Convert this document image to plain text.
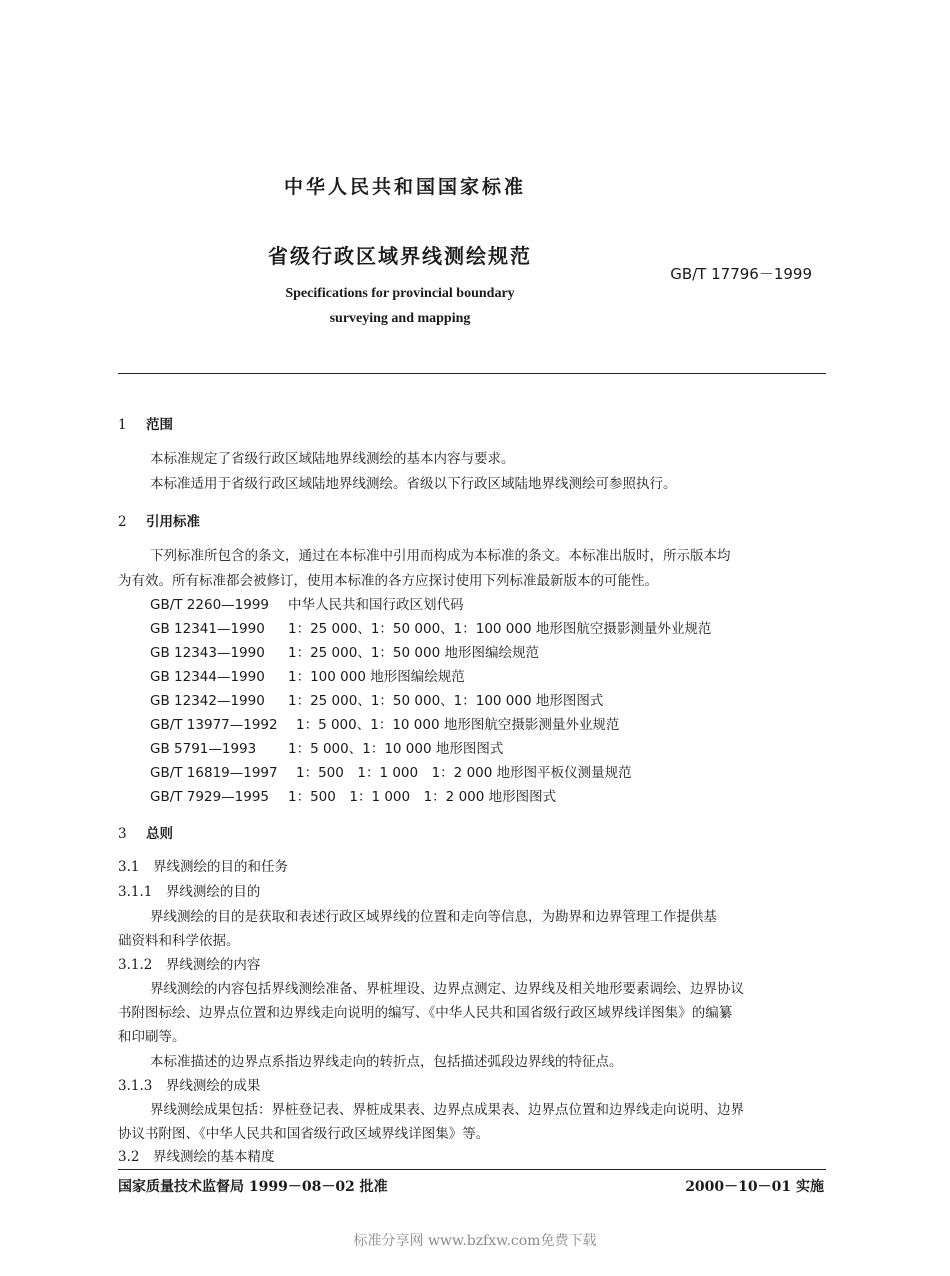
中华人民共和国国家标准
省级行政区域界线测绘规范
GB/T 17796－1999
Specifications for provincial boundary
surveying and mapping
1 范围
本标准规定了省级行政区域陆地界线测绘的基本内容与要求。
本标准适用于省级行政区域陆地界线测绘。省级以下行政区域陆地界线测绘可参照执行。
2 引用标准
下列标准所包含的条文，通过在本标准中引用而构成为本标准的条文。本标准出版时，所示版本均
为有效。所有标准都会被修订，使用本标准的各方应探讨使用下列标准最新版本的可能性。
GB/T 2260—1999 中华人民共和国行政区划代码
GB 12341—1990 1：25 000、1：50 000、1：100 000 地形图航空摄影测量外业规范
GB 12343—1990 1：25 000、1：50 000 地形图编绘规范
GB 12344—1990 1：100 000 地形图编绘规范
GB 12342—1990 1：25 000、1：50 000、1：100 000 地形图图式
GB/T 13977—1992 1：5 000、1：10 000 地形图航空摄影测量外业规范
GB 5791—1993 1：5 000、1：10 000 地形图图式
GB/T 16819—1997 1：500　1：1 000　1：2 000 地形图平板仪测量规范
GB/T 7929—1995 1：500　1：1 000　1：2 000 地形图图式
3 总则
3.1　界线测绘的目的和任务
3.1.1　界线测绘的目的
界线测绘的目的是获取和表述行政区域界线的位置和走向等信息，为勘界和边界管理工作提供基
础资料和科学依据。
3.1.2　界线测绘的内容
界线测绘的内容包括界线测绘准备、界桩埋设、边界点测定、边界线及相关地形要素调绘、边界协议
书附图标绘、边界点位置和边界线走向说明的编写、《中华人民共和国省级行政区域界线详图集》的编纂
和印刷等。
本标准描述的边界点系指边界线走向的转折点，包括描述弧段边界线的特征点。
3.1.3　界线测绘的成果
界线测绘成果包括：界桩登记表、界桩成果表、边界点成果表、边界点位置和边界线走向说明、边界
协议书附图、《中华人民共和国省级行政区域界线详图集》等。
3.2　界线测绘的基本精度
国家质量技术监督局 1999－08－02 批准	2000－10－01 实施
标准分享网 www.bzfxw.com免费下载
